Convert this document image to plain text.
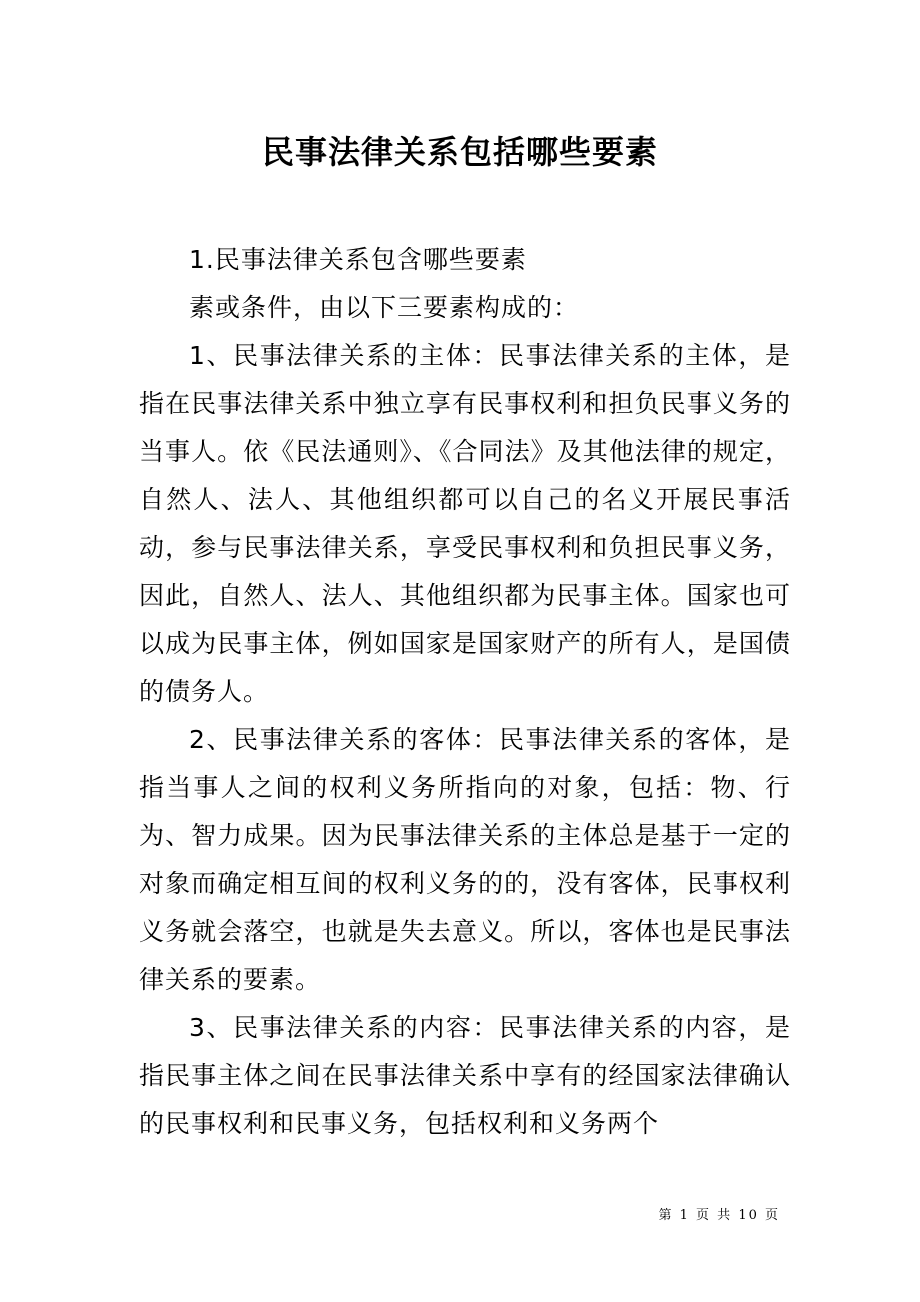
民事法律关系包括哪些要素

1.民事法律关系包含哪些要素

素或条件，由以下三要素构成的：

1、民事法律关系的主体：民事法律关系的主体，是指在民事法律关系中独立享有民事权利和担负民事义务的当事人。依《民法通则》、《合同法》及其他法律的规定，自然人、法人、其他组织都可以自己的名义开展民事活动，参与民事法律关系，享受民事权利和负担民事义务，因此，自然人、法人、其他组织都为民事主体。国家也可以成为民事主体，例如国家是国家财产的所有人，是国债的债务人。

2、民事法律关系的客体：民事法律关系的客体，是指当事人之间的权利义务所指向的对象，包括：物、行为、智力成果。因为民事法律关系的主体总是基于一定的对象而确定相互间的权利义务的的，没有客体，民事权利义务就会落空，也就是失去意义。所以，客体也是民事法律关系的要素。

3、民事法律关系的内容：民事法律关系的内容，是指民事主体之间在民事法律关系中享有的经国家法律确认的民事权利和民事义务，包括权利和义务两个

第 1 页 共 10 页
